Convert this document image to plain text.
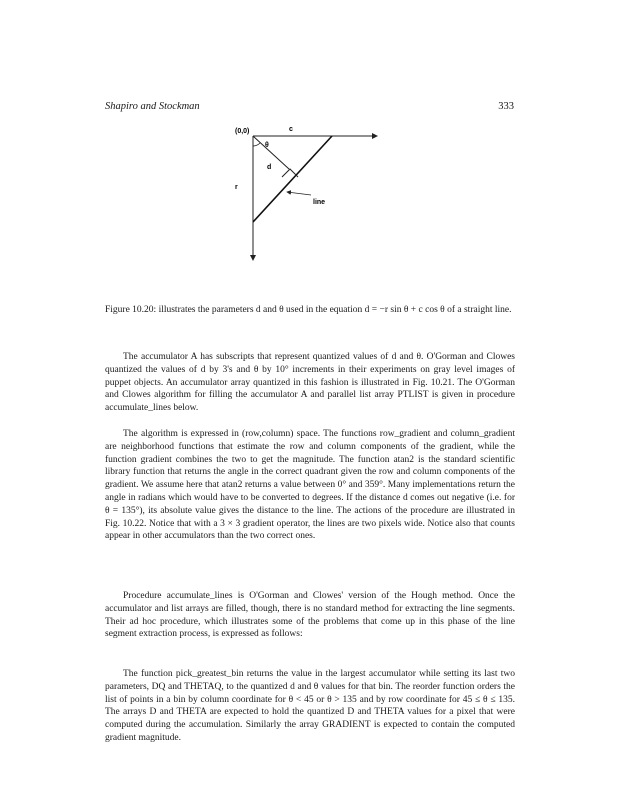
Shapiro and Stockman	333
(0,0)	c
θ
d
r
line
Figure 10.20: illustrates the parameters d and θ used in the equation d = −r sin θ + c cos θ of a straight line.

The accumulator A has subscripts that represent quantized values of d and θ. O'Gorman and Clowes quantized the values of d by 3's and θ by 10° increments in their experiments on gray level images of puppet objects. An accumulator array quantized in this fashion is illustrated in Fig. 10.21. The O'Gorman and Clowes algorithm for filling the accumulator A and parallel list array PTLIST is given in procedure accumulate_lines below.

The algorithm is expressed in (row,column) space. The functions row_gradient and column_gradient are neighborhood functions that estimate the row and column components of the gradient, while the function gradient combines the two to get the magnitude. The function atan2 is the standard scientific library function that returns the angle in the correct quadrant given the row and column components of the gradient. We assume here that atan2 returns a value between 0° and 359°. Many implementations return the angle in radians which would have to be converted to degrees. If the distance d comes out negative (i.e. for θ = 135°), its absolute value gives the distance to the line. The actions of the procedure are illustrated in Fig. 10.22. Notice that with a 3 × 3 gradient operator, the lines are two pixels wide. Notice also that counts appear in other accumulators than the two correct ones.

Procedure accumulate_lines is O'Gorman and Clowes' version of the Hough method. Once the accumulator and list arrays are filled, though, there is no standard method for extracting the line segments. Their ad hoc procedure, which illustrates some of the problems that come up in this phase of the line segment extraction process, is expressed as follows:

The function pick_greatest_bin returns the value in the largest accumulator while setting its last two parameters, DQ and THETAQ, to the quantized d and θ values for that bin. The reorder function orders the list of points in a bin by column coordinate for θ < 45 or θ > 135 and by row coordinate for 45 ≤ θ ≤ 135. The arrays D and THETA are expected to hold the quantized D and THETA values for a pixel that were computed during the accumulation. Similarly the array GRADIENT is expected to contain the computed gradient magnitude.
